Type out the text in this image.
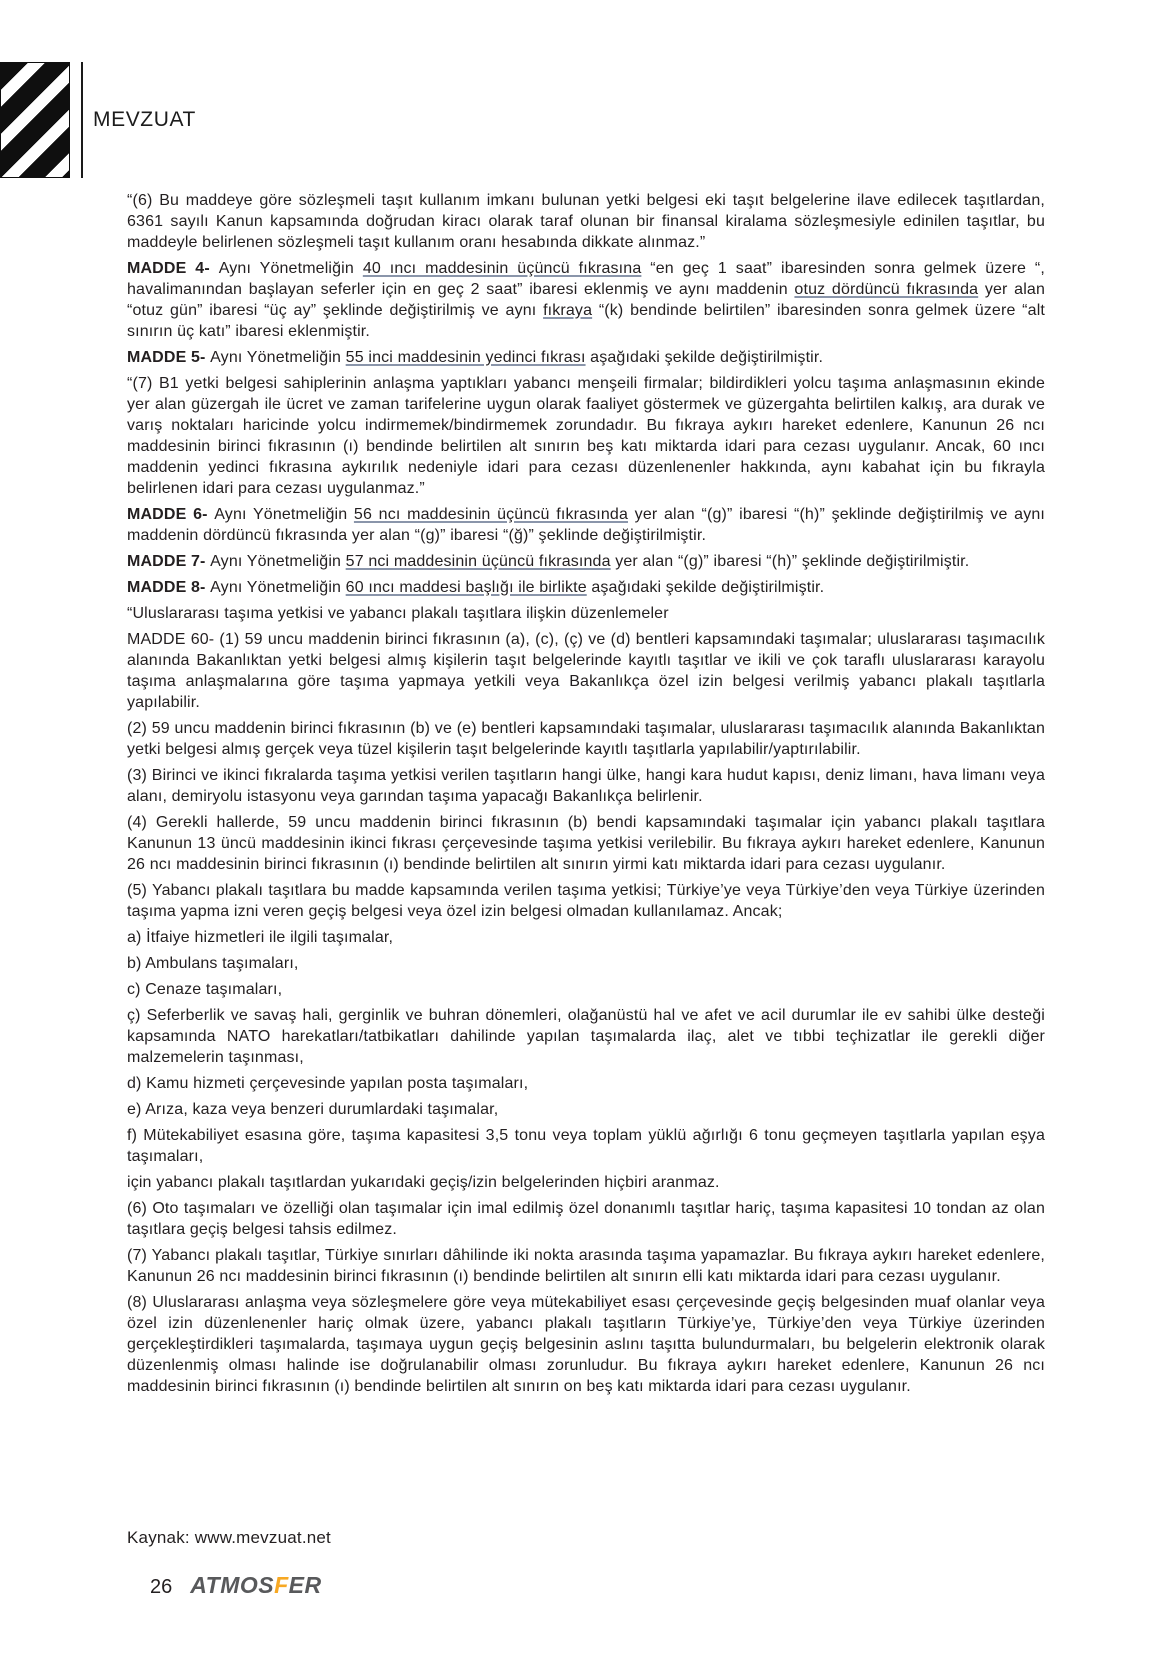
MEVZUAT

“(6) Bu maddeye göre sözleşmeli taşıt kullanım imkanı bulunan yetki belgesi eki taşıt belgelerine ilave edilecek taşıtlardan, 6361 sayılı Kanun kapsamında doğrudan kiracı olarak taraf olunan bir finansal kiralama sözleşmesiyle edinilen taşıtlar, bu maddeyle belirlenen sözleşmeli taşıt kullanım oranı hesabında dikkate alınmaz.”

MADDE 4- Aynı Yönetmeliğin 40 ıncı maddesinin üçüncü fıkrasına “en geç 1 saat” ibaresinden sonra gelmek üzere “, havalimanından başlayan seferler için en geç 2 saat” ibaresi eklenmiş ve aynı maddenin otuz dördüncü fıkrasında yer alan “otuz gün” ibaresi “üç ay” şeklinde değiştirilmiş ve aynı fıkraya “(k) bendinde belirtilen” ibaresinden sonra gelmek üzere “alt sınırın üç katı” ibaresi eklenmiştir.

MADDE 5- Aynı Yönetmeliğin 55 inci maddesinin yedinci fıkrası aşağıdaki şekilde değiştirilmiştir.

“(7) B1 yetki belgesi sahiplerinin anlaşma yaptıkları yabancı menşeili firmalar; bildirdikleri yolcu taşıma anlaşmasının ekinde yer alan güzergah ile ücret ve zaman tarifelerine uygun olarak faaliyet göstermek ve güzergahta belirtilen kalkış, ara durak ve varış noktaları haricinde yolcu indirmemek/bindirmemek zorundadır. Bu fıkraya aykırı hareket edenlere, Kanunun 26 ncı maddesinin birinci fıkrasının (ı) bendinde belirtilen alt sınırın beş katı miktarda idari para cezası uygulanır. Ancak, 60 ıncı maddenin yedinci fıkrasına aykırılık nedeniyle idari para cezası düzenlenenler hakkında, aynı kabahat için bu fıkrayla belirlenen idari para cezası uygulanmaz.”

MADDE 6- Aynı Yönetmeliğin 56 ncı maddesinin üçüncü fıkrasında yer alan “(g)” ibaresi “(h)” şeklinde değiştirilmiş ve aynı maddenin dördüncü fıkrasında yer alan “(g)” ibaresi “(ğ)” şeklinde değiştirilmiştir.

MADDE 7- Aynı Yönetmeliğin 57 nci maddesinin üçüncü fıkrasında yer alan “(g)” ibaresi “(h)” şeklinde değiştirilmiştir.

MADDE 8- Aynı Yönetmeliğin 60 ıncı maddesi başlığı ile birlikte aşağıdaki şekilde değiştirilmiştir.

“Uluslararası taşıma yetkisi ve yabancı plakalı taşıtlara ilişkin düzenlemeler

MADDE 60- (1) 59 uncu maddenin birinci fıkrasının (a), (c), (ç) ve (d) bentleri kapsamındaki taşımalar; uluslararası taşımacılık alanında Bakanlıktan yetki belgesi almış kişilerin taşıt belgelerinde kayıtlı taşıtlar ve ikili ve çok taraflı uluslararası karayolu taşıma anlaşmalarına göre taşıma yapmaya yetkili veya Bakanlıkça özel izin belgesi verilmiş yabancı plakalı taşıtlarla yapılabilir.

(2) 59 uncu maddenin birinci fıkrasının (b) ve (e) bentleri kapsamındaki taşımalar, uluslararası taşımacılık alanında Bakanlıktan yetki belgesi almış gerçek veya tüzel kişilerin taşıt belgelerinde kayıtlı taşıtlarla yapılabilir/yaptırılabilir.

(3) Birinci ve ikinci fıkralarda taşıma yetkisi verilen taşıtların hangi ülke, hangi kara hudut kapısı, deniz limanı, hava limanı veya alanı, demiryolu istasyonu veya garından taşıma yapacağı Bakanlıkça belirlenir.

(4) Gerekli hallerde, 59 uncu maddenin birinci fıkrasının (b) bendi kapsamındaki taşımalar için yabancı plakalı taşıtlara Kanunun 13 üncü maddesinin ikinci fıkrası çerçevesinde taşıma yetkisi verilebilir. Bu fıkraya aykırı hareket edenlere, Kanunun 26 ncı maddesinin birinci fıkrasının (ı) bendinde belirtilen alt sınırın yirmi katı miktarda idari para cezası uygulanır.

(5) Yabancı plakalı taşıtlara bu madde kapsamında verilen taşıma yetkisi; Türkiye’ye veya Türkiye’den veya Türkiye üzerinden taşıma yapma izni veren geçiş belgesi veya özel izin belgesi olmadan kullanılamaz. Ancak;

a) İtfaiye hizmetleri ile ilgili taşımalar,

b) Ambulans taşımaları,

c) Cenaze taşımaları,

ç) Seferberlik ve savaş hali, gerginlik ve buhran dönemleri, olağanüstü hal ve afet ve acil durumlar ile ev sahibi ülke desteği kapsamında NATO harekatları/tatbikatları dahilinde yapılan taşımalarda ilaç, alet ve tıbbi teçhizatlar ile gerekli diğer malzemelerin taşınması,

d) Kamu hizmeti çerçevesinde yapılan posta taşımaları,

e) Arıza, kaza veya benzeri durumlardaki taşımalar,

f) Mütekabiliyet esasına göre, taşıma kapasitesi 3,5 tonu veya toplam yüklü ağırlığı 6 tonu geçmeyen taşıtlarla yapılan eşya taşımaları,

için yabancı plakalı taşıtlardan yukarıdaki geçiş/izin belgelerinden hiçbiri aranmaz.

(6) Oto taşımaları ve özelliği olan taşımalar için imal edilmiş özel donanımlı taşıtlar hariç, taşıma kapasitesi 10 tondan az olan taşıtlara geçiş belgesi tahsis edilmez.

(7) Yabancı plakalı taşıtlar, Türkiye sınırları dâhilinde iki nokta arasında taşıma yapamazlar. Bu fıkraya aykırı hareket edenlere, Kanunun 26 ncı maddesinin birinci fıkrasının (ı) bendinde belirtilen alt sınırın elli katı miktarda idari para cezası uygulanır.

(8) Uluslararası anlaşma veya sözleşmelere göre veya mütekabiliyet esası çerçevesinde geçiş belgesinden muaf olanlar veya özel izin düzenlenenler hariç olmak üzere, yabancı plakalı taşıtların Türkiye’ye, Türkiye’den veya Türkiye üzerinden gerçekleştirdikleri taşımalarda, taşımaya uygun geçiş belgesinin aslını taşıtta bulundurmaları, bu belgelerin elektronik olarak düzenlenmiş olması halinde ise doğrulanabilir olması zorunludur. Bu fıkraya aykırı hareket edenlere, Kanunun 26 ncı maddesinin birinci fıkrasının (ı) bendinde belirtilen alt sınırın on beş katı miktarda idari para cezası uygulanır.

Kaynak: www.mevzuat.net
26 ATMOSFER
